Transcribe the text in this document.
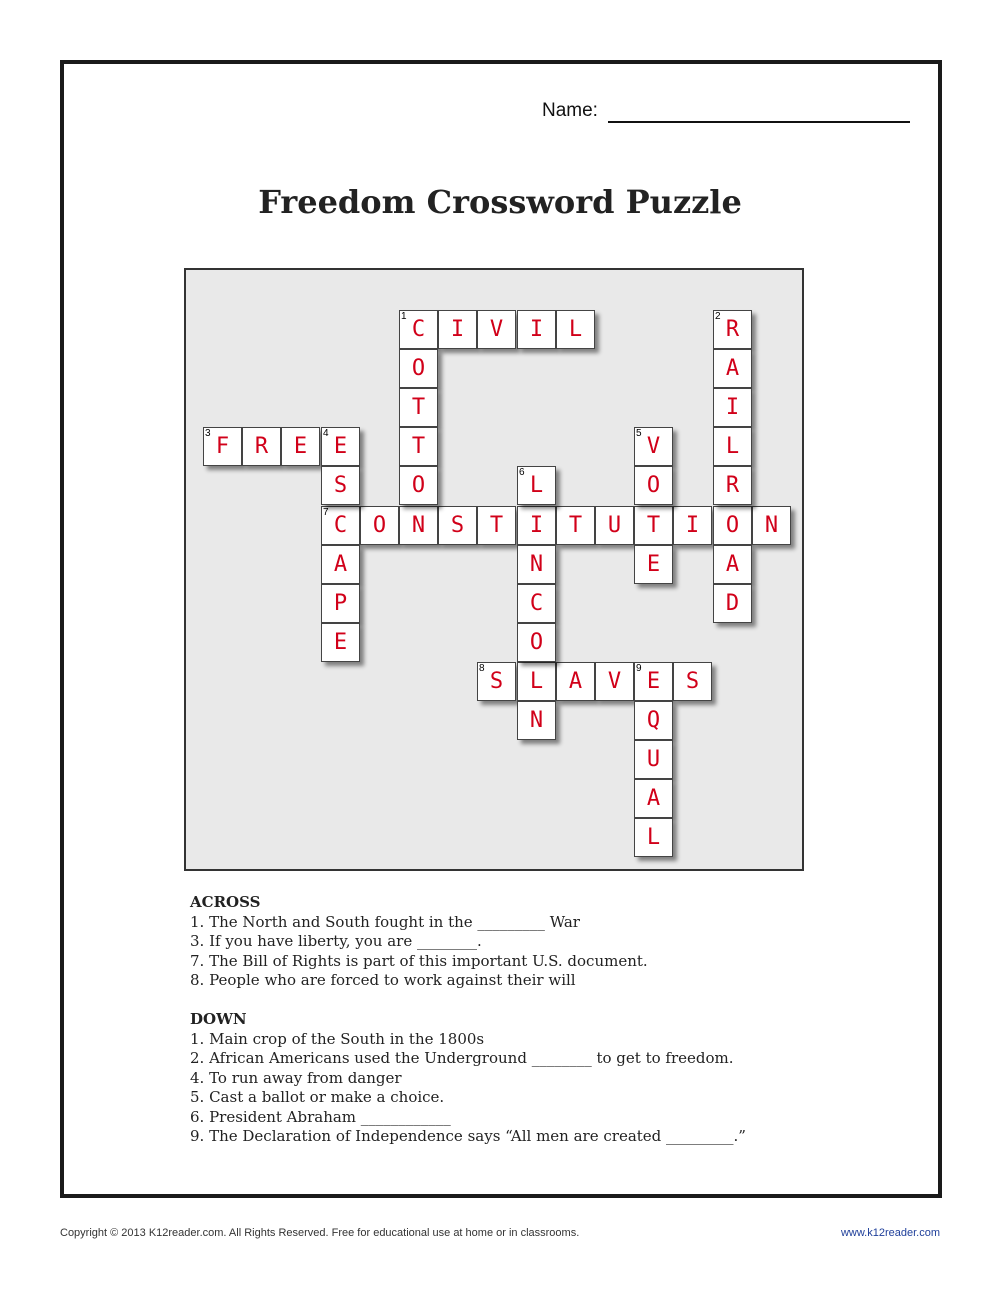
Name:
Freedom Crossword Puzzle
C	I	V	I	L
F	R	E	E
C	O	N	S	T	I	T	U	T	I	O	N
S	L	A	V	E	S
O
T
T
O
R
A
I
L
R
A
D
S
A
P
E
V
O
E
L
N
C
O
N	Q
U
A
L
1	2
3	4	5
6
7
8	9
ACROSS
1. The North and South fought in the _________ War
3. If you have liberty, you are ________.
7. The Bill of Rights is part of this important U.S. document.
8. People who are forced to work against their will
DOWN
1. Main crop of the South in the 1800s
2. African Americans used the Underground ________ to get to freedom.
4. To run away from danger
5. Cast a ballot or make a choice.
6. President Abraham ____________
9. The Declaration of Independence says “All men are created _________.”
Copyright © 2013 K12reader.com. All Rights Reserved. Free for educational use at home or in classrooms.	www.k12reader.com
